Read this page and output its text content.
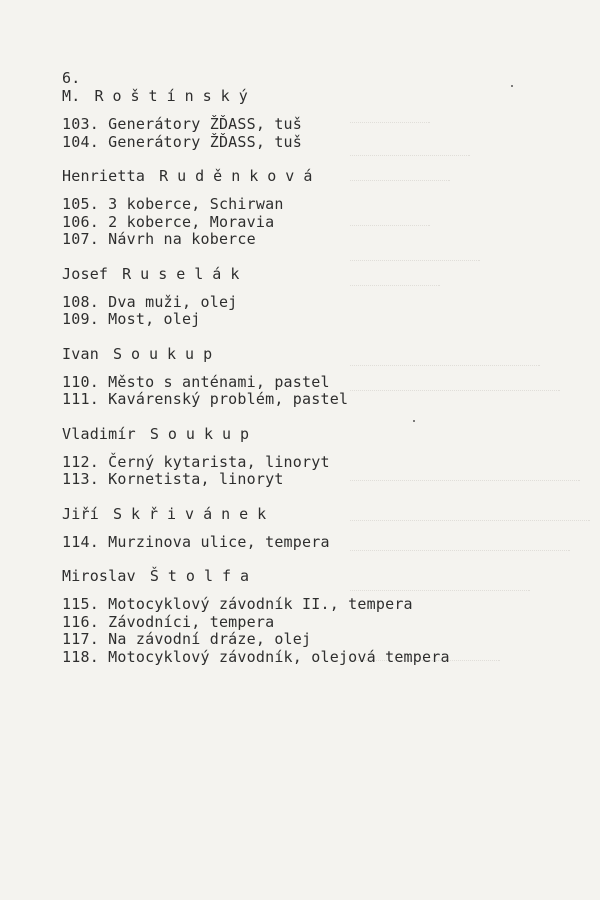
6.
M. Roštínský
103. Generátory ŽĎASS, tuš
104. Generátory ŽĎASS, tuš
Henrietta Ruděnková
105. 3 koberce, Schirwan
106. 2 koberce, Moravia
107. Návrh na koberce
Josef Ruselák
108. Dva muži, olej
109. Most, olej
Ivan Soukup
110. Město s anténami, pastel
111. Kavárenský problém, pastel
Vladimír Soukup
112. Černý kytarista, linoryt
113. Kornetista, linoryt
Jiří Skřivánek
114. Murzinova ulice, tempera
Miroslav Štolfa
115. Motocyklový závodník II., tempera
116. Závodníci, tempera
117. Na závodní dráze, olej
118. Motocyklový závodník, olejová tempera
